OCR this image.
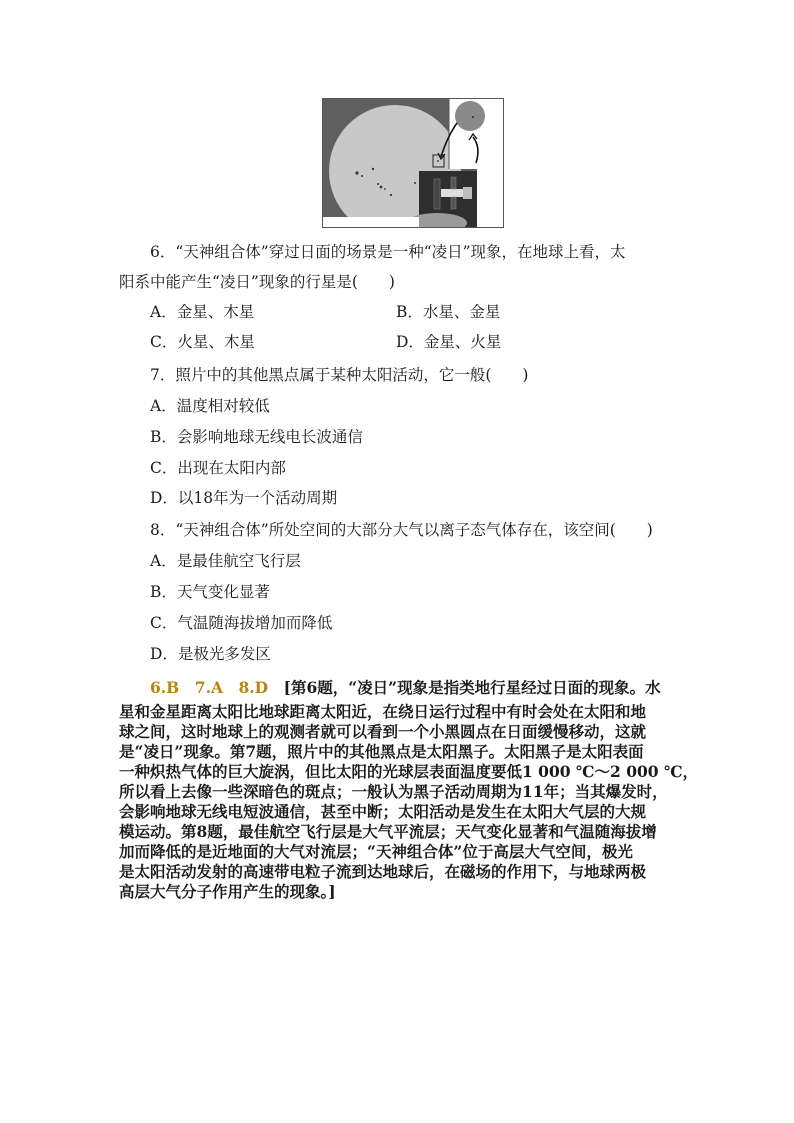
6．“天神组合体”穿过日面的场景是一种“凌日”现象，在地球上看，太
阳系中能产生“凌日”现象的行星是(　　)
A．金星、木星	B．水星、金星
C．火星、木星	D．金星、火星
7．照片中的其他黑点属于某种太阳活动，它一般(　　)
A．温度相对较低
B．会影响地球无线电长波通信
C．出现在太阳内部
D．以18年为一个活动周期
8．“天神组合体”所处空间的大部分大气以离子态气体存在，该空间(　　)
A．是最佳航空飞行层
B．天气变化显著
C．气温随海拔增加而降低
D．是极光多发区
6.B　7.A　8.D　 [第6题，“凌日”现象是指类地行星经过日面的现象。水
星和金星距离太阳比地球距离太阳近，在绕日运行过程中有时会处在太阳和地
球之间，这时地球上的观测者就可以看到一个小黑圆点在日面缓慢移动，这就
是“凌日”现象。第7题，照片中的其他黑点是太阳黑子。太阳黑子是太阳表面
一种炽热气体的巨大旋涡，但比太阳的光球层表面温度要低1 000 ℃～2 000 ℃，
所以看上去像一些深暗色的斑点；一般认为黑子活动周期为11年；当其爆发时，
会影响地球无线电短波通信，甚至中断；太阳活动是发生在太阳大气层的大规
模运动。第8题，最佳航空飞行层是大气平流层；天气变化显著和气温随海拔增
加而降低的是近地面的大气对流层；“天神组合体”位于高层大气空间，极光
是太阳活动发射的高速带电粒子流到达地球后，在磁场的作用下，与地球两极
高层大气分子作用产生的现象。]
